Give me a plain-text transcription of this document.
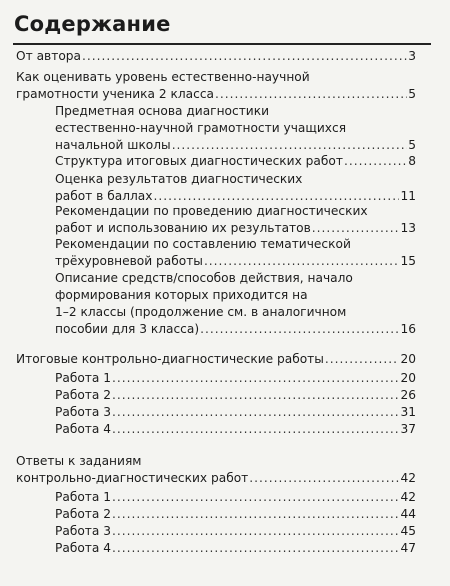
Содержание
От автора .....	3
Как оценивать уровень естественно-научной
грамотности ученика 2 класса .....	5
Предметная основа диагностики
естественно-научной грамотности учащихся
начальной школы .....	5
Структура итоговых диагностических работ .....	8
Оценка результатов диагностических
работ в баллах .....	11
Рекомендации по проведению диагностических
работ и использованию их результатов .....	13
Рекомендации по составлению тематической
трёхуровневой работы .....	15
Описание средств/способов действия, начало
формирования которых приходится на
1–2 классы (продолжение см. в аналогичном
пособии для 3 класса) .....	16
Итоговые контрольно-диагностические работы .....	20
Работа 1 .....	20
Работа 2 .....	26
Работа 3 .....	31
Работа 4 .....	37
Ответы к заданиям
контрольно-диагностических работ .....	42
Работа 1 .....	42
Работа 2 .....	44
Работа 3 .....	45
Работа 4 .....	47
